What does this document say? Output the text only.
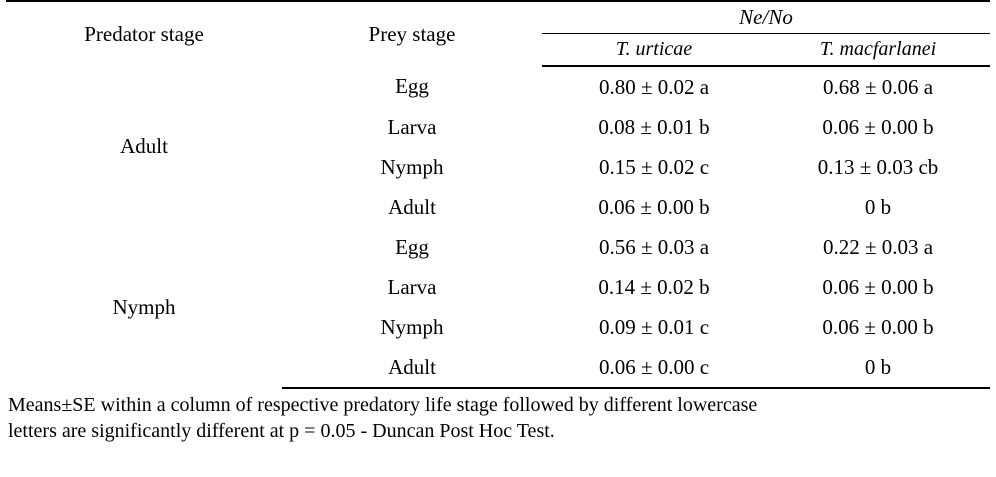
Predator stage	Prey stage	Ne/No	
		T. urticae	T. macfarlanei
Adult	Egg	0.80 ± 0.02 a	0.68 ± 0.06 a
	Larva	0.08 ± 0.01 b	0.06 ± 0.00 b
	Nymph	0.15 ± 0.02 c	0.13 ± 0.03 cb
	Adult	0.06 ± 0.00 b	0 b
Nymph	Egg	0.56 ± 0.03 a	0.22 ± 0.03 a
	Larva	0.14 ± 0.02 b	0.06 ± 0.00 b
	Nymph	0.09 ± 0.01 c	0.06 ± 0.00 b
	Adult	0.06 ± 0.00 c	0 b
Means±SE within a column of respective predatory life stage followed by different lowercase
letters are significantly different at p = 0.05 - Duncan Post Hoc Test.
